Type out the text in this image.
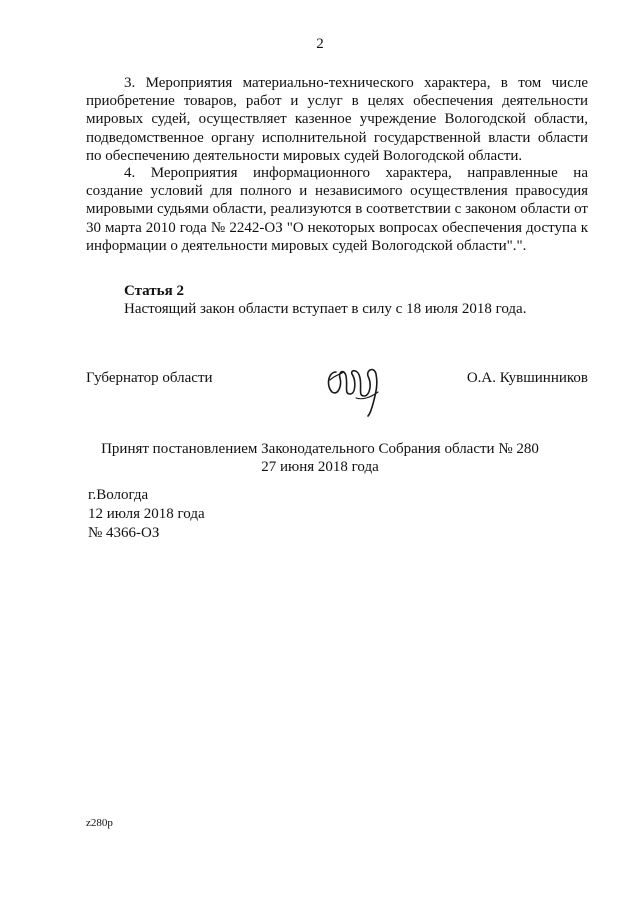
2

3. Мероприятия материально-технического характера, в том числе приобретение товаров, работ и услуг в целях обеспечения деятельности мировых судей, осуществляет казенное учреждение Вологодской области, подведомственное органу исполнительной государственной власти области по обеспечению деятельности мировых судей Вологодской области.

4. Мероприятия информационного характера, направленные на создание условий для полного и независимого осуществления правосудия мировыми судьями области, реализуются в соответствии с законом области от 30 марта 2010 года № 2242-ОЗ "О некоторых вопросах обеспечения доступа к информации о деятельности мировых судей Вологодской области".".

Статья 2
Настоящий закон области вступает в силу с 18 июля 2018 года.
Губернатор области	О.А. Кувшинников
Принят постановлением Законодательного Собрания области № 280
27 июня 2018 года
г.Вологда
12 июля 2018 года
№ 4366-ОЗ
z280p
